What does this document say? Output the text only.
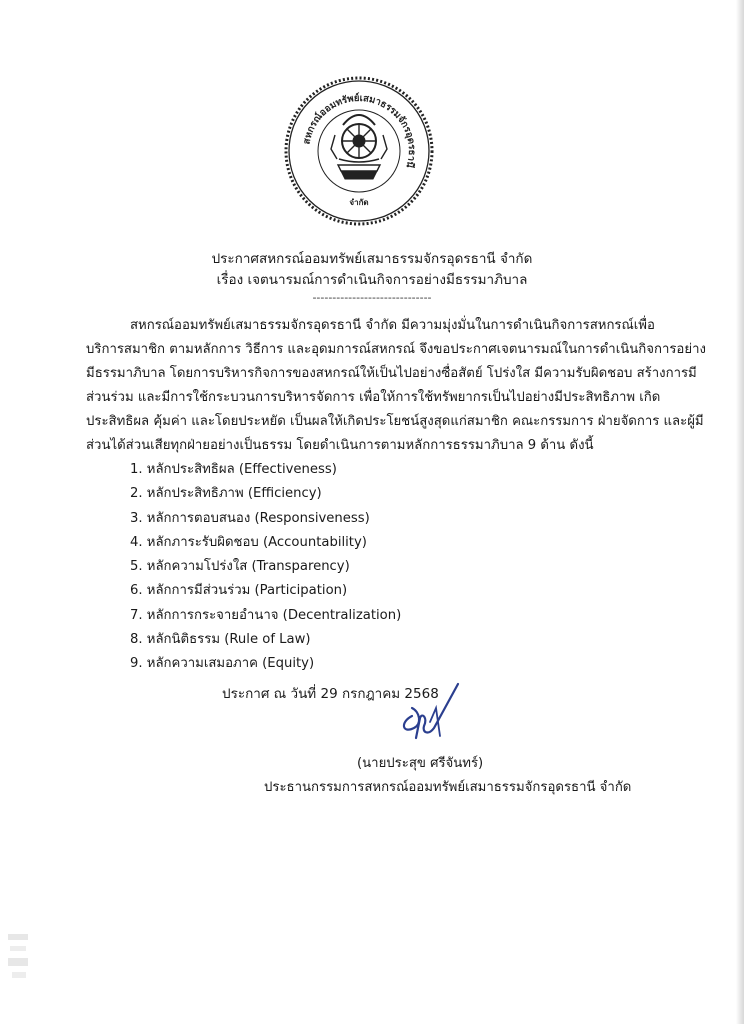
สหกรณ์ออมทรัพย์เสมาธรรมจักรอุดรธานี
จำกัด
ประกาศสหกรณ์ออมทรัพย์เสมาธรรมจักรอุดรธานี จำกัด
เรื่อง เจตนารมณ์การดำเนินกิจการอย่างมีธรรมาภิบาล
------------------------------
สหกรณ์ออมทรัพย์เสมาธรรมจักรอุดรธานี จำกัด มีความมุ่งมั่นในการดำเนินกิจการสหกรณ์เพื่อ
บริการสมาชิก ตามหลักการ วิธีการ และอุดมการณ์สหกรณ์ จึงขอประกาศเจตนารมณ์ในการดำเนินกิจการอย่าง
มีธรรมาภิบาล โดยการบริหารกิจการของสหกรณ์ให้เป็นไปอย่างซื่อสัตย์ โปร่งใส มีความรับผิดชอบ สร้างการมี
ส่วนร่วม และมีการใช้กระบวนการบริหารจัดการ เพื่อให้การใช้ทรัพยากรเป็นไปอย่างมีประสิทธิภาพ เกิด
ประสิทธิผล คุ้มค่า และโดยประหยัด เป็นผลให้เกิดประโยชน์สูงสุดแก่สมาชิก คณะกรรมการ ฝ่ายจัดการ และผู้มี
ส่วนได้ส่วนเสียทุกฝ่ายอย่างเป็นธรรม โดยดำเนินการตามหลักการธรรมาภิบาล 9 ด้าน ดังนี้
1. หลักประสิทธิผล (Effectiveness)
2. หลักประสิทธิภาพ (Efficiency)
3. หลักการตอบสนอง (Responsiveness)
4. หลักภาระรับผิดชอบ (Accountability)
5. หลักความโปร่งใส (Transparency)
6. หลักการมีส่วนร่วม (Participation)
7. หลักการกระจายอำนาจ (Decentralization)
8. หลักนิติธรรม (Rule of Law)
9. หลักความเสมอภาค (Equity)
ประกาศ ณ วันที่ 29 กรกฎาคม 2568
(นายประสุข ศรีจันทร์)
ประธานกรรมการสหกรณ์ออมทรัพย์เสมาธรรมจักรอุดรธานี จำกัด
